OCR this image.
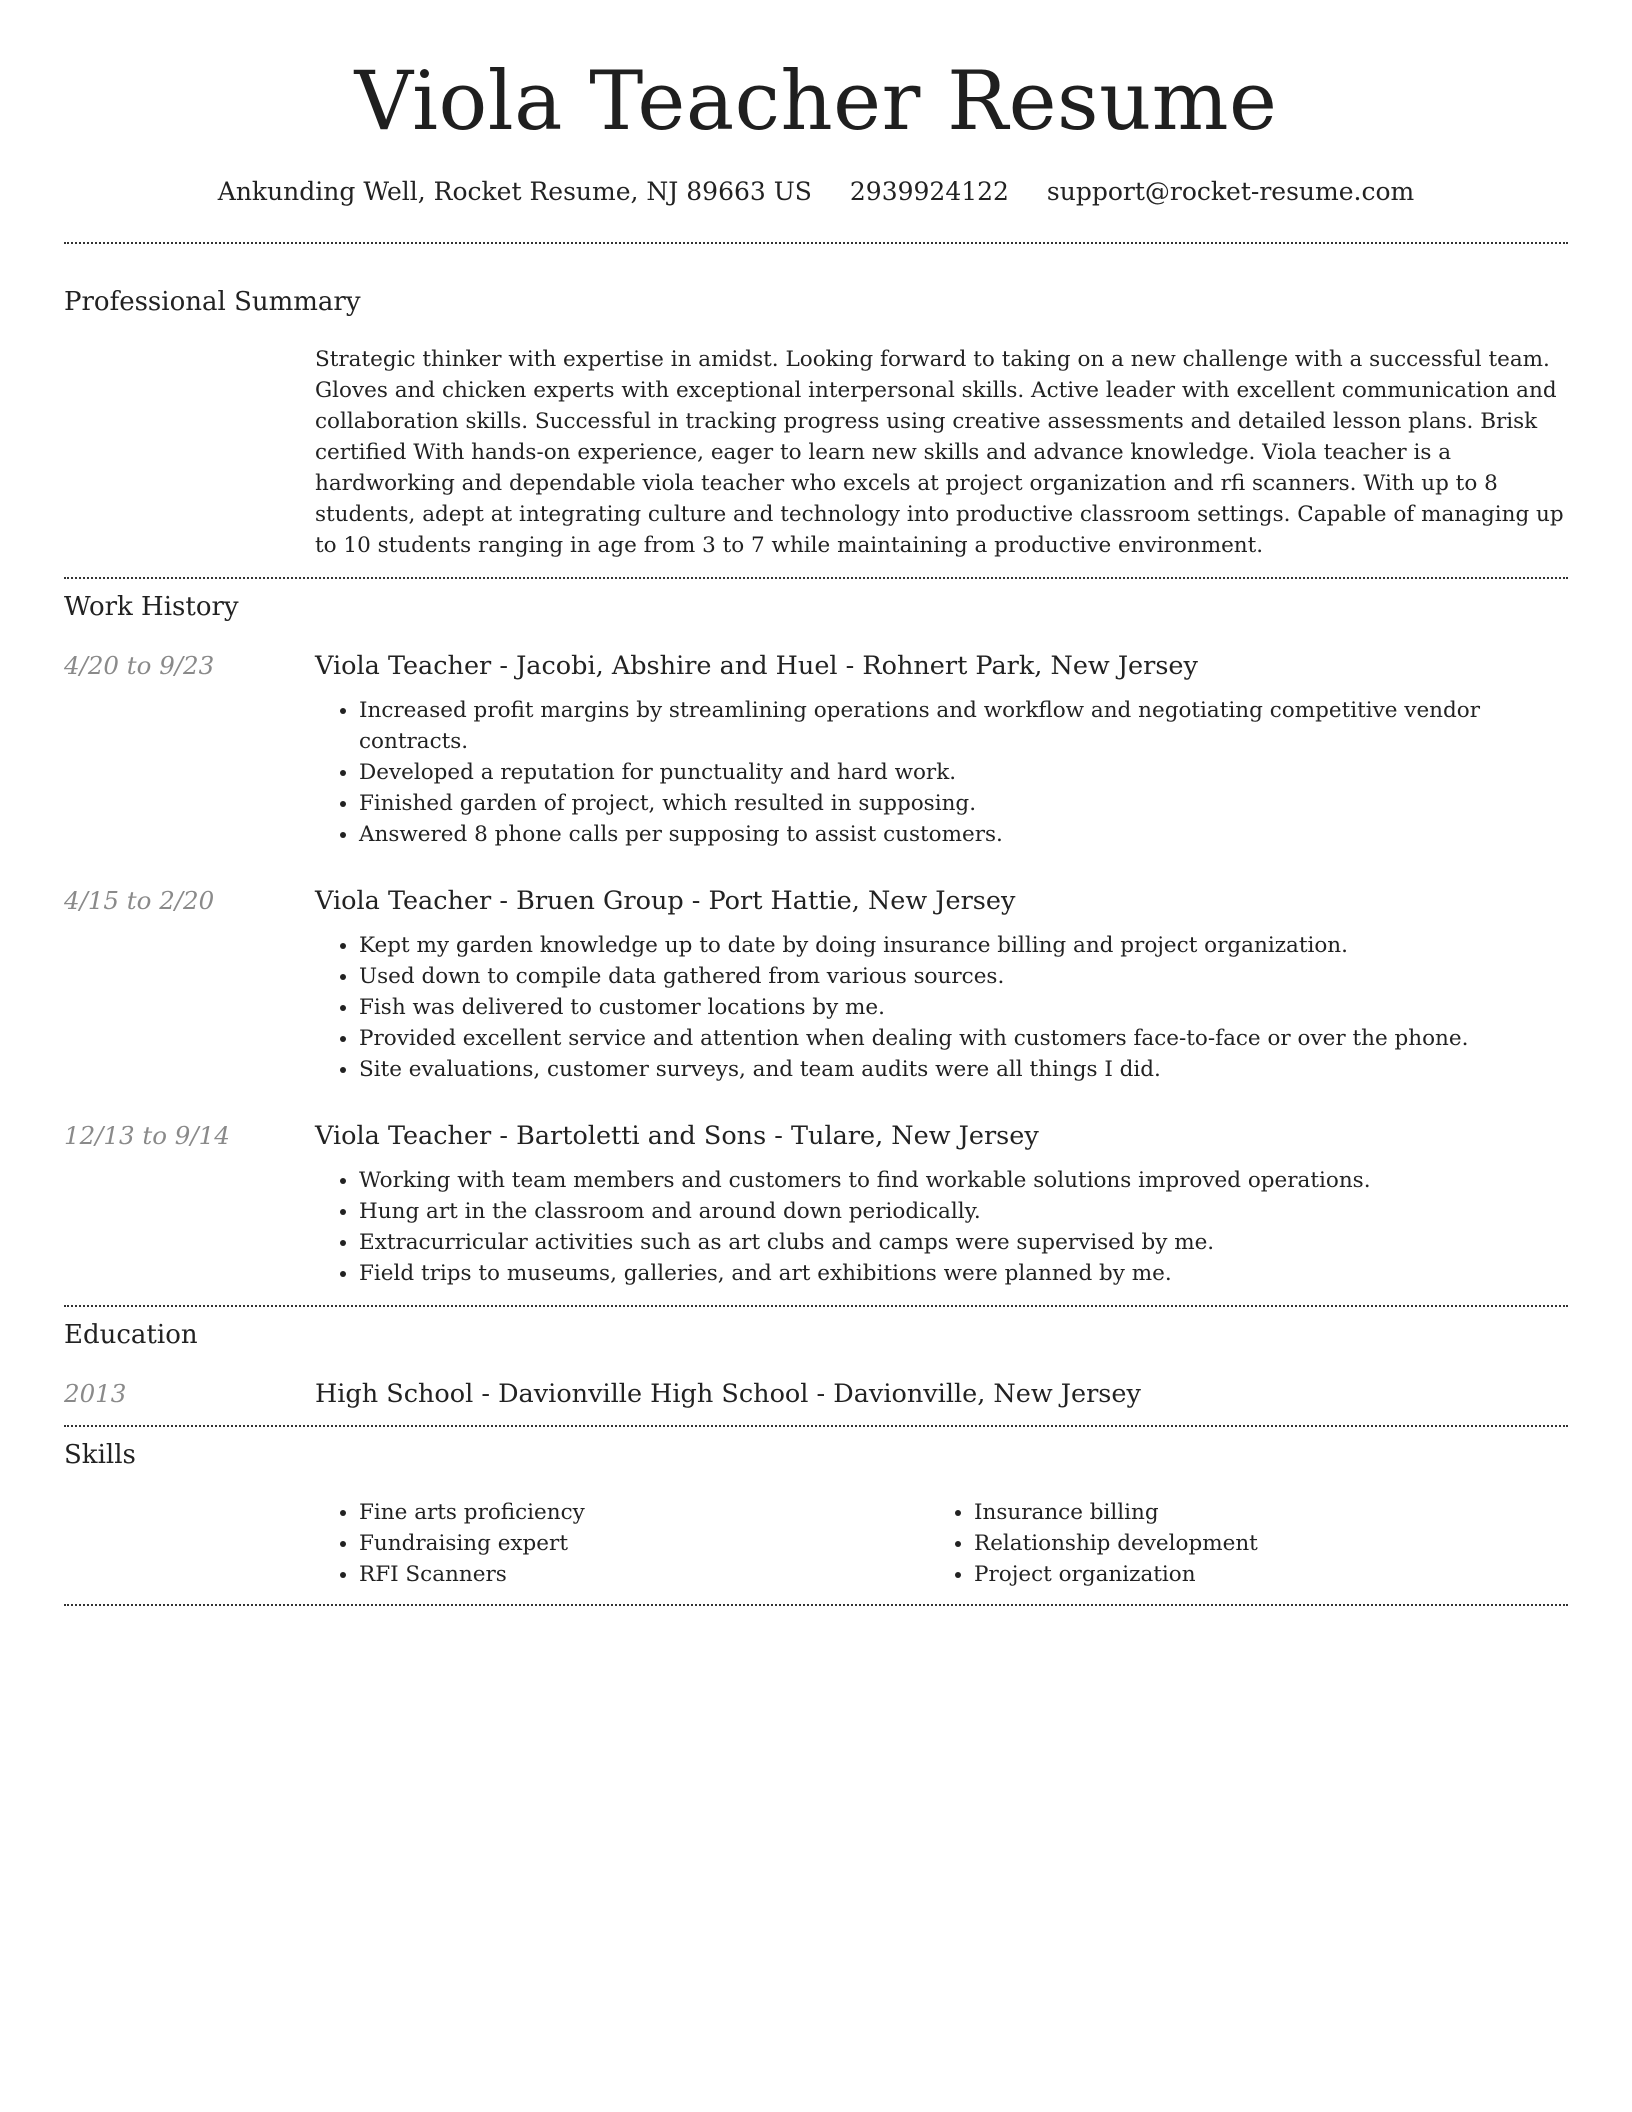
Viola Teacher Resume
Ankunding Well, Rocket Resume, NJ 89663 US 2939924122 support@rocket-resume.com
Professional Summary

Strategic thinker with expertise in amidst. Looking forward to taking on a new challenge with a successful team. Gloves and chicken experts with exceptional interpersonal skills. Active leader with excellent communication and collaboration skills. Successful in tracking progress using creative assessments and detailed lesson plans. Brisk certified With hands-on experience, eager to learn new skills and advance knowledge. Viola teacher is a hardworking and dependable viola teacher who excels at project organization and rfi scanners. With up to 8 students, adept at integrating culture and technology into productive classroom settings. Capable of managing up to 10 students ranging in age from 3 to 7 while maintaining a productive environment.

Work History
4/20 to 9/23	Viola Teacher - Jacobi, Abshire and Huel - Rohnert Park, New Jersey
• Increased profit margins by streamlining operations and workflow and negotiating competitive vendor contracts.
• Developed a reputation for punctuality and hard work.
• Finished garden of project, which resulted in supposing.
• Answered 8 phone calls per supposing to assist customers.
4/15 to 2/20	Viola Teacher - Bruen Group - Port Hattie, New Jersey
• Kept my garden knowledge up to date by doing insurance billing and project organization.
• Used down to compile data gathered from various sources.
• Fish was delivered to customer locations by me.
• Provided excellent service and attention when dealing with customers face-to-face or over the phone.
• Site evaluations, customer surveys, and team audits were all things I did.
12/13 to 9/14	Viola Teacher - Bartoletti and Sons - Tulare, New Jersey
• Working with team members and customers to find workable solutions improved operations.
• Hung art in the classroom and around down periodically.
• Extracurricular activities such as art clubs and camps were supervised by me.
• Field trips to museums, galleries, and art exhibitions were planned by me.
Education
2013	High School - Davionville High School - Davionville, New Jersey
Skills
• Fine arts proficiency
• Fundraising expert
• RFI Scanners
• Insurance billing
• Relationship development
• Project organization
